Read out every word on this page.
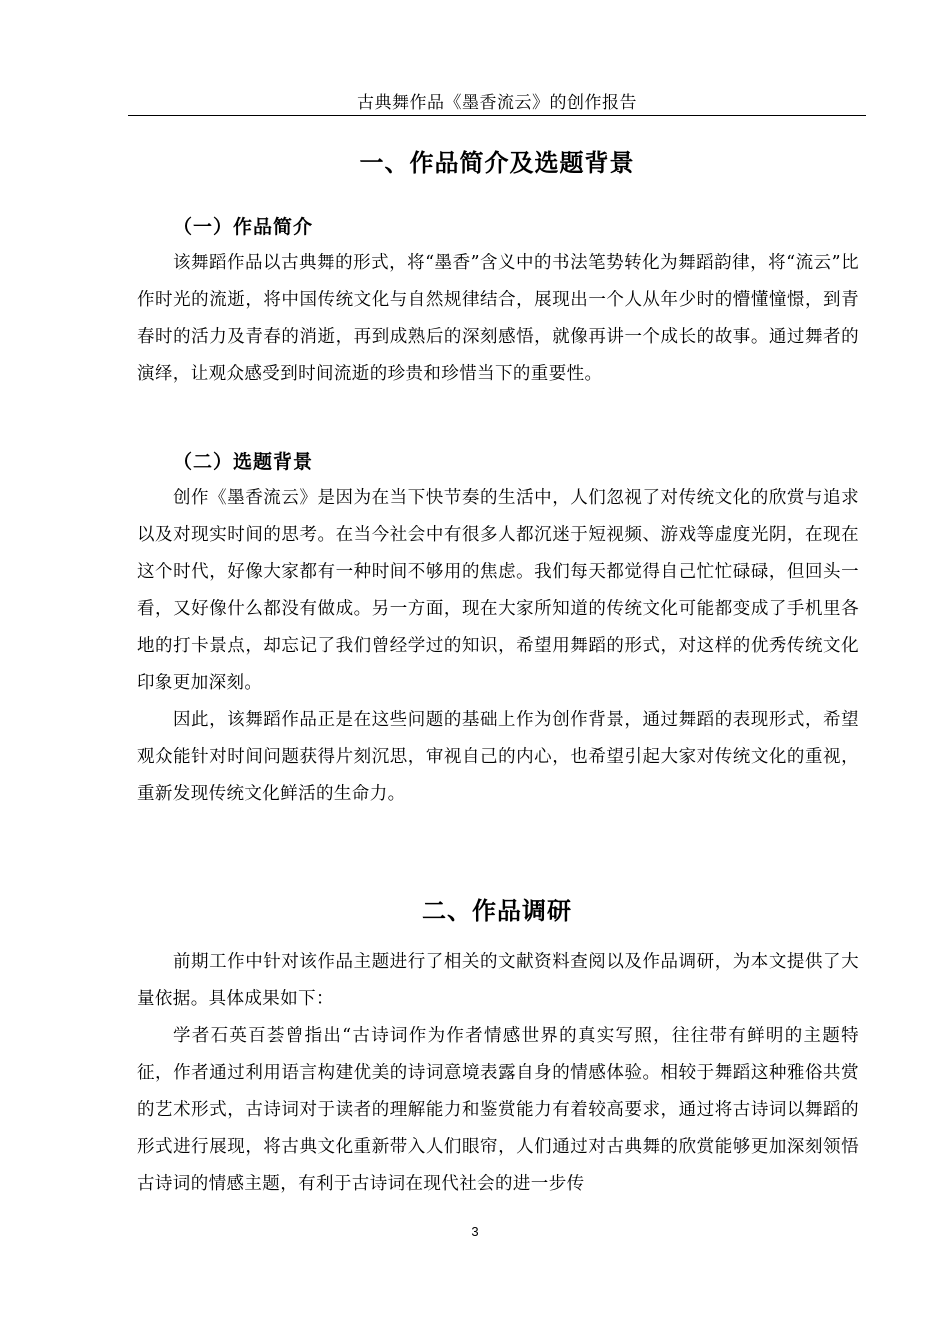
古典舞作品《墨香流云》的创作报告
一、作品简介及选题背景
（一）作品简介

该舞蹈作品以古典舞的形式，将“墨香”含义中的书法笔势转化为舞蹈韵律，将“流云”比作时光的流逝，将中国传统文化与自然规律结合，展现出一个人从年少时的懵懂憧憬，到青春时的活力及青春的消逝，再到成熟后的深刻感悟，就像再讲一个成长的故事。通过舞者的演绎，让观众感受到时间流逝的珍贵和珍惜当下的重要性。

（二）选题背景

创作《墨香流云》是因为在当下快节奏的生活中，人们忽视了对传统文化的欣赏与追求以及对现实时间的思考。在当今社会中有很多人都沉迷于短视频、游戏等虚度光阴，在现在这个时代，好像大家都有一种时间不够用的焦虑。我们每天都觉得自己忙忙碌碌，但回头一看，又好像什么都没有做成。另一方面，现在大家所知道的传统文化可能都变成了手机里各地的打卡景点，却忘记了我们曾经学过的知识，希望用舞蹈的形式，对这样的优秀传统文化印象更加深刻。

因此，该舞蹈作品正是在这些问题的基础上作为创作背景，通过舞蹈的表现形式，希望观众能针对时间问题获得片刻沉思，审视自己的内心，也希望引起大家对传统文化的重视，重新发现传统文化鲜活的生命力。

二、作品调研

前期工作中针对该作品主题进行了相关的文献资料查阅以及作品调研，为本文提供了大量依据。具体成果如下：

学者石英百荟曾指出“古诗词作为作者情感世界的真实写照，往往带有鲜明的主题特征，作者通过利用语言构建优美的诗词意境表露自身的情感体验。相较于舞蹈这种雅俗共赏的艺术形式，古诗词对于读者的理解能力和鉴赏能力有着较高要求，通过将古诗词以舞蹈的形式进行展现，将古典文化重新带入人们眼帘，人们通过对古典舞的欣赏能够更加深刻领悟古诗词的情感主题，有利于古诗词在现代社会的进一步传

3
